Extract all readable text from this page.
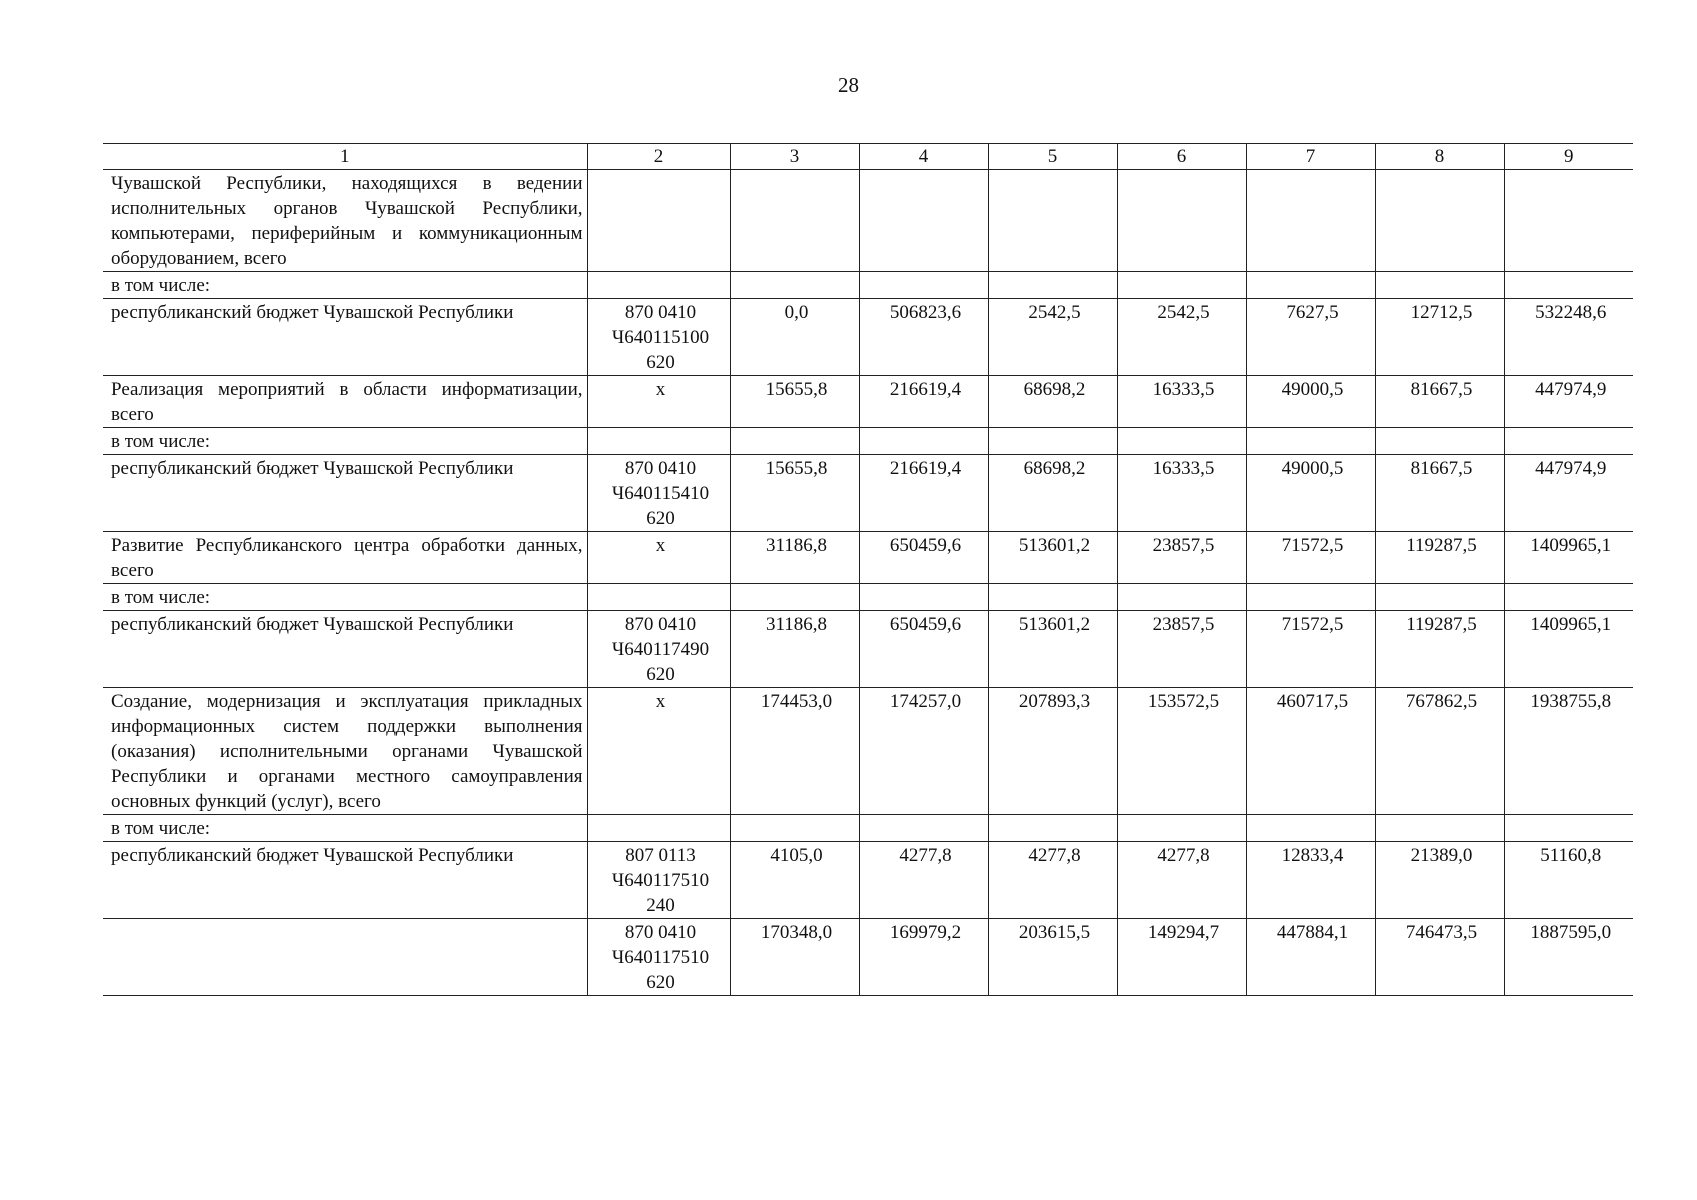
28
1	2	3	4	5	6	7	8	9
Чувашской Республики, находящихся в ведении исполнительных органов Чувашской Республики, компьютерами, периферийным и коммуникационным оборудованием, всего								
в том числе:								
республиканский бюджет Чувашской Республики	870 0410 Ч640115100 620	0,0	506823,6	2542,5	2542,5	7627,5	12712,5	532248,6
Реализация мероприятий в области информатизации, всего	x	15655,8	216619,4	68698,2	16333,5	49000,5	81667,5	447974,9
в том числе:								
республиканский бюджет Чувашской Республики	870 0410 Ч640115410 620	15655,8	216619,4	68698,2	16333,5	49000,5	81667,5	447974,9
Развитие Республиканского центра обработки данных, всего	x	31186,8	650459,6	513601,2	23857,5	71572,5	119287,5	1409965,1
в том числе:								
республиканский бюджет Чувашской Республики	870 0410 Ч640117490 620	31186,8	650459,6	513601,2	23857,5	71572,5	119287,5	1409965,1
Создание, модернизация и эксплуатация прикладных информационных систем поддержки выполнения (оказания) исполнительными органами Чувашской Республики и органами местного самоуправления основных функций (услуг), всего	x	174453,0	174257,0	207893,3	153572,5	460717,5	767862,5	1938755,8
в том числе:								
республиканский бюджет Чувашской Республики	807 0113 Ч640117510 240	4105,0	4277,8	4277,8	4277,8	12833,4	21389,0	51160,8
	870 0410 Ч640117510 620	170348,0	169979,2	203615,5	149294,7	447884,1	746473,5	1887595,0
